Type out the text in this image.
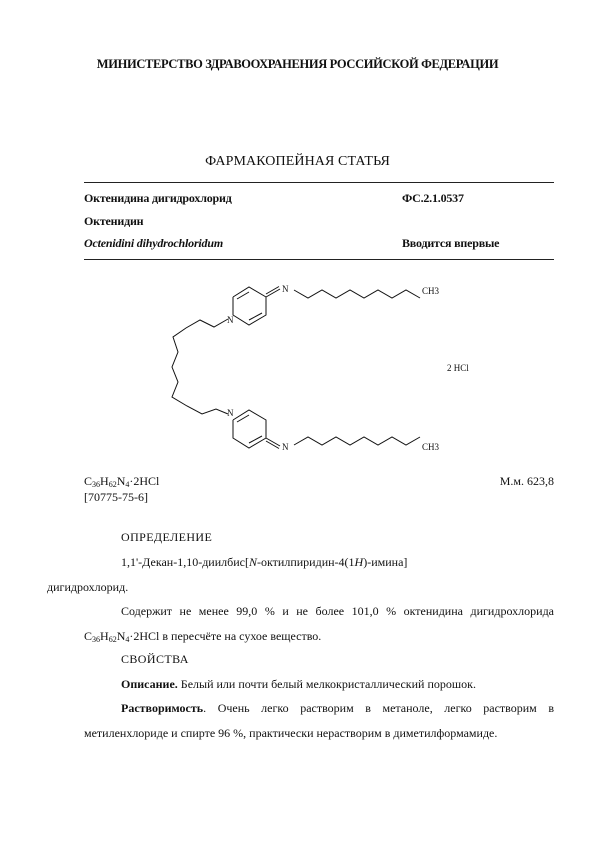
МИНИСТЕРСТВО ЗДРАВООХРАНЕНИЯ РОССИЙСКОЙ ФЕДЕРАЦИИ
ФАРМАКОПЕЙНАЯ СТАТЬЯ
Октенидина дигидрохлорид	ФС.2.1.0537
Октенидин
Octenidini dihydrochloridum	Вводится впервые
N
N
N
N
CH3
CH3
2 HCl
$C_{36}H_{62}N_4\cdot 2HCl$
[70775-75-6]
М.м. 623,8
ОПРЕДЕЛЕНИЕ

1,1'-Декан-1,10-диилбис[N-октилпиридин-4(1H)-имина]
дигидрохлорид.

Содержит не менее 99,0 % и не более 101,0 % октенидина дигидрохлорида $C_{36}H_{62}N_4\cdot 2HCl$ в пересчёте на сухое вещество.

СВОЙСТВА

Описание. Белый или почти белый мелкокристаллический порошок.

Растворимость. Очень легко растворим в метаноле, легко растворим в метиленхлориде и спирте 96 %, практически нерастворим в диметилформамиде.
